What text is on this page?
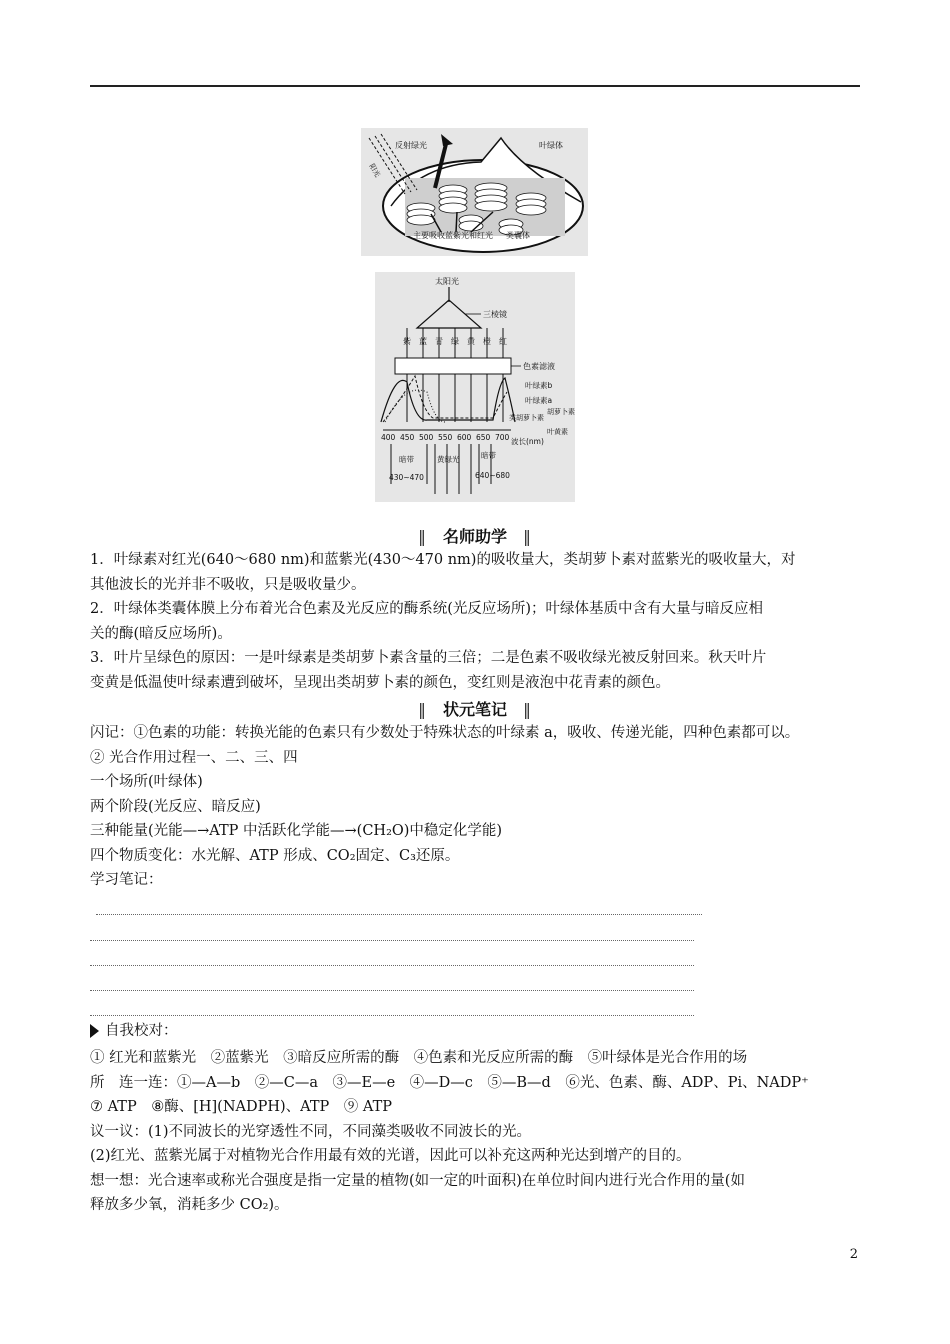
反射绿光
阳光
叶绿体
主要吸收蓝紫光和红光 类囊体
太阳光
三棱镜
紫 蓝 青 绿 黄 橙 红
色素滤液
叶绿素b
叶绿素a
类胡萝卜素
胡萝卜素
叶黄素
400 450 500 550 600 650 700 波长(nm)
暗带	黄绿光	暗带
430~470	640~680
‖ 名师助学 ‖
1．叶绿素对红光(640～680 nm)和蓝紫光(430～470 nm)的吸收量大，类胡萝卜素对蓝紫光的吸收量大，对
其他波长的光并非不吸收，只是吸收量少。
2．叶绿体类囊体膜上分布着光合色素及光反应的酶系统(光反应场所)；叶绿体基质中含有大量与暗反应相
关的酶(暗反应场所)。
3．叶片呈绿色的原因：一是叶绿素是类胡萝卜素含量的三倍；二是色素不吸收绿光被反射回来。秋天叶片
变黄是低温使叶绿素遭到破坏，呈现出类胡萝卜素的颜色，变红则是液泡中花青素的颜色。
‖ 状元笔记 ‖
闪记：①色素的功能：转换光能的色素只有少数处于特殊状态的叶绿素 a，吸收、传递光能，四种色素都可以。
② 光合作用过程一、二、三、四
一个场所(叶绿体)
两个阶段(光反应、暗反应)
三种能量(光能—→ATP 中活跃化学能—→(CH₂O)中稳定化学能)
四个物质变化：水光解、ATP 形成、CO₂固定、C₃还原。
学习笔记：
自我校对：
① 红光和蓝紫光　②蓝紫光　③暗反应所需的酶　④色素和光反应所需的酶　⑤叶绿体是光合作用的场
所　连一连：①—A—b　②—C—a　③—E—e　④—D—c　⑤—B—d　⑥光、色素、酶、ADP、Pi、NADP⁺
⑦ ATP　⑧酶、[H](NADPH)、ATP　⑨ ATP
议一议：(1)不同波长的光穿透性不同，不同藻类吸收不同波长的光。
(2)红光、蓝紫光属于对植物光合作用最有效的光谱，因此可以补充这两种光达到增产的目的。
想一想：光合速率或称光合强度是指一定量的植物(如一定的叶面积)在单位时间内进行光合作用的量(如
释放多少氧，消耗多少 CO₂)。
2
